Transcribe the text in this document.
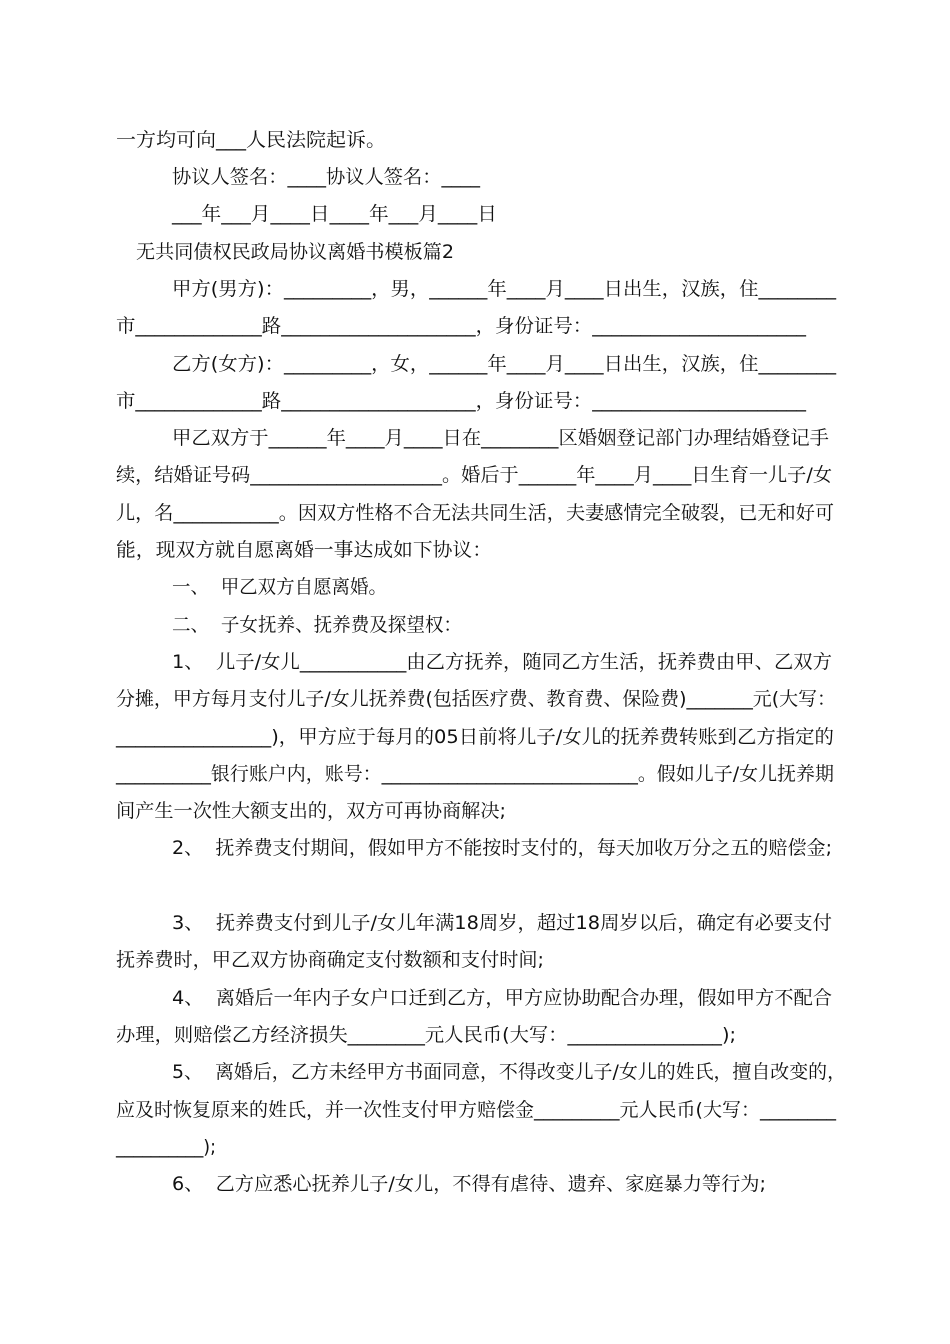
一方均可向___人民法院起诉。
协议人签名：____协议人签名：____
___年___月____日____年___月____日
无共同债权民政局协议离婚书模板篇2
甲方(男方)：_________，男，______年____月____日出生，汉族，住________
市_____________路____________________，身份证号：______________________
乙方(女方)：_________，女，______年____月____日出生，汉族，住________
市_____________路____________________，身份证号：______________________
甲乙双方于______年____月____日在________区婚姻登记部门办理结婚登记手
续，结婚证号码____________________。婚后于______年____月____日生育一儿子/女
儿，名___________。因双方性格不合无法共同生活，夫妻感情完全破裂，已无和好可
能，现双方就自愿离婚一事达成如下协议：
一、  甲乙双方自愿离婚。
二、  子女抚养、抚养费及探望权：
1、  儿子/女儿___________由乙方抚养，随同乙方生活，抚养费由甲、乙双方
分摊，甲方每月支付儿子/女儿抚养费(包括医疗费、教育费、保险费)_______元(大写：
________________)，甲方应于每月的05日前将儿子/女儿的抚养费转账到乙方指定的
__________银行账户内，账号：___________________________。假如儿子/女儿抚养期
间产生一次性大额支出的，双方可再协商解决;
2、  抚养费支付期间，假如甲方不能按时支付的，每天加收万分之五的赔偿金;
3、  抚养费支付到儿子/女儿年满18周岁，超过18周岁以后，确定有必要支付
抚养费时，甲乙双方协商确定支付数额和支付时间;
4、  离婚后一年内子女户口迁到乙方，甲方应协助配合办理，假如甲方不配合
办理，则赔偿乙方经济损失________元人民币(大写：________________);
5、  离婚后，乙方未经甲方书面同意，不得改变儿子/女儿的姓氏，擅自改变的，
应及时恢复原来的姓氏，并一次性支付甲方赔偿金_________元人民币(大写：________
__________);
6、  乙方应悉心抚养儿子/女儿，不得有虐待、遗弃、家庭暴力等行为;
